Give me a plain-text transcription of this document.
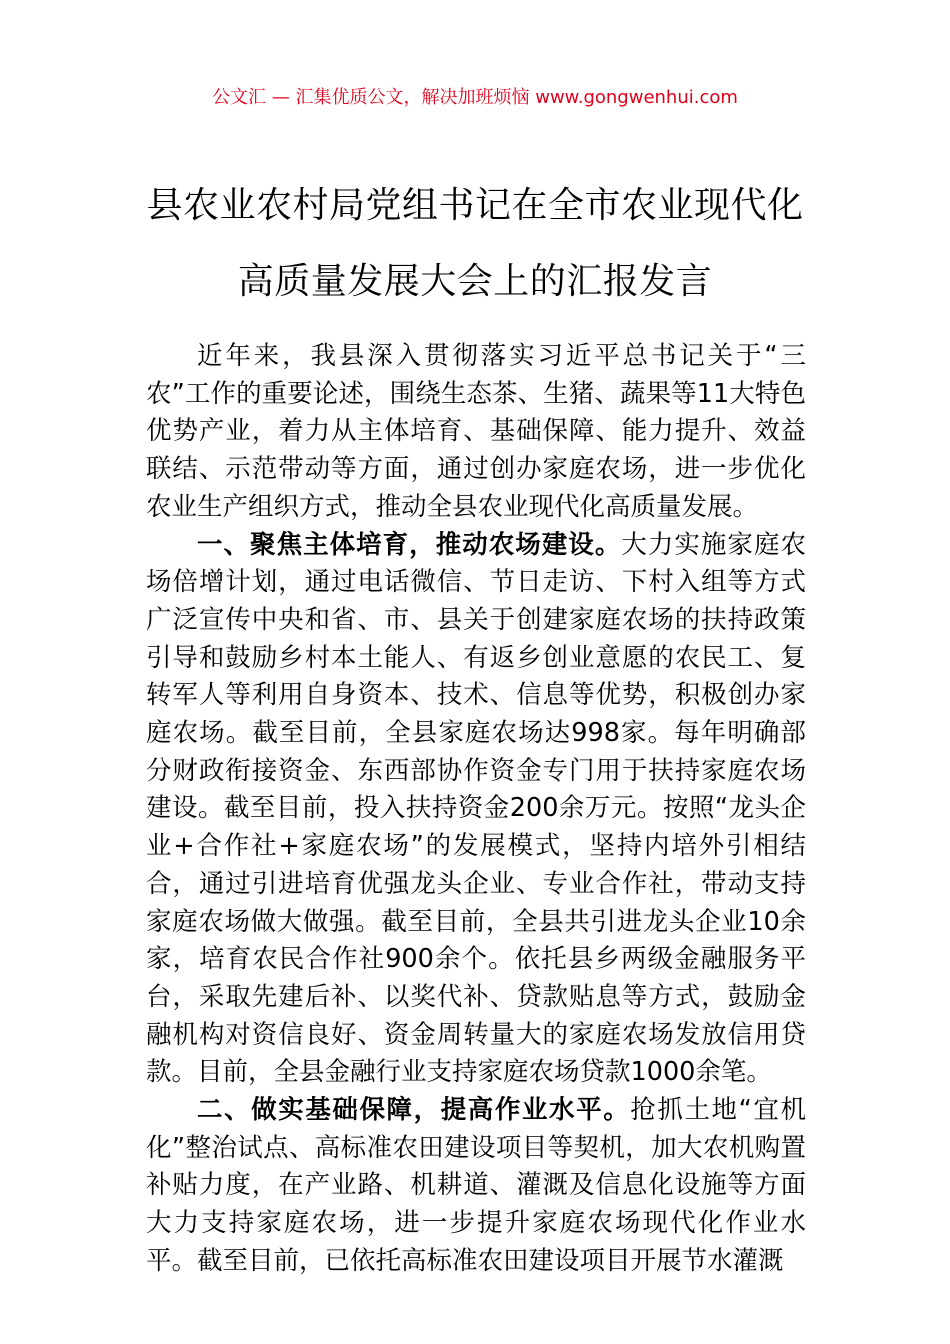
公文汇 — 汇集优质公文，解决加班烦恼 www.gongwenhui.com
县农业农村局党组书记在全市农业现代化
高质量发展大会上的汇报发言

近年来，我县深入贯彻落实习近平总书记关于“三农”工作的重要论述，围绕生态茶、生猪、蔬果等11大特色优势产业，着力从主体培育、基础保障、能力提升、效益联结、示范带动等方面，通过创办家庭农场，进一步优化农业生产组织方式，推动全县农业现代化高质量发展。

一、聚焦主体培育，推动农场建设。大力实施家庭农场倍增计划，通过电话微信、节日走访、下村入组等方式广泛宣传中央和省、市、县关于创建家庭农场的扶持政策引导和鼓励乡村本土能人、有返乡创业意愿的农民工、复转军人等利用自身资本、技术、信息等优势，积极创办家庭农场。截至目前，全县家庭农场达998家。每年明确部分财政衔接资金、东西部协作资金专门用于扶持家庭农场建设。截至目前，投入扶持资金200余万元。按照“龙头企业+合作社+家庭农场”的发展模式，坚持内培外引相结合，通过引进培育优强龙头企业、专业合作社，带动支持家庭农场做大做强。截至目前，全县共引进龙头企业10余家，培育农民合作社900余个。依托县乡两级金融服务平台，采取先建后补、以奖代补、贷款贴息等方式，鼓励金融机构对资信良好、资金周转量大的家庭农场发放信用贷款。目前，全县金融行业支持家庭农场贷款1000余笔。

二、做实基础保障，提高作业水平。抢抓土地“宜机化”整治试点、高标准农田建设项目等契机，加大农机购置补贴力度，在产业路、机耕道、灌溉及信息化设施等方面大力支持家庭农场，进一步提升家庭农场现代化作业水平。截至目前，已依托高标准农田建设项目开展节水灌溉
